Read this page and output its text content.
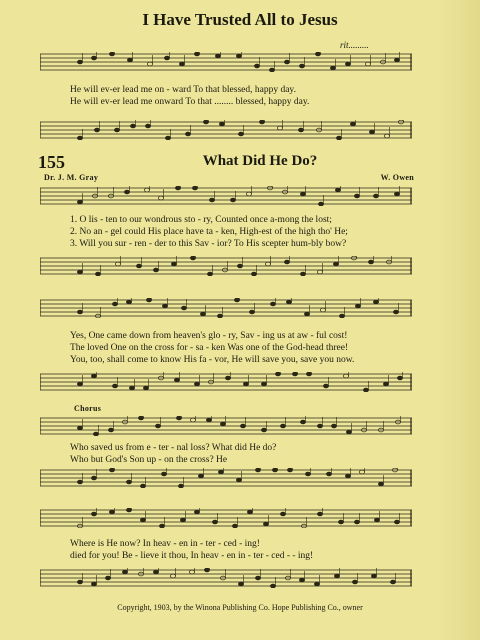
I Have Trusted All to Jesus
rit.........
He will ev-er lead me on - ward To that blessed, happy day.
He will ev-er lead me onward To that ........ blessed, happy day.
155	What Did He Do?
Dr. J. M. Gray	W. Owen
1. O lis - ten to our wondrous sto - ry, Counted once a-mong the lost;
2. No an - gel could His place have ta - ken, High-est of the high tho' He;
3. Will you sur - ren - der to this Sav - ior? To His scepter hum-bly bow?
Yes, One came down from heaven's glo - ry, Sav - ing us at aw - ful cost!
The loved One on the cross for - sa - ken Was one of the God-head three!
You, too, shall come to know His fa - vor, He will save you, save you now.
Chorus
Who saved us from e - ter - nal loss? What did He do?
Who but God's Son up - on the cross? He
Where is He now? In heav - en in - ter - ced - ing!
died for you! Be - lieve it thou, In heav - en in - ter - ced - - ing!
Copyright, 1903, by the Winona Publishing Co. Hope Publishing Co., owner
